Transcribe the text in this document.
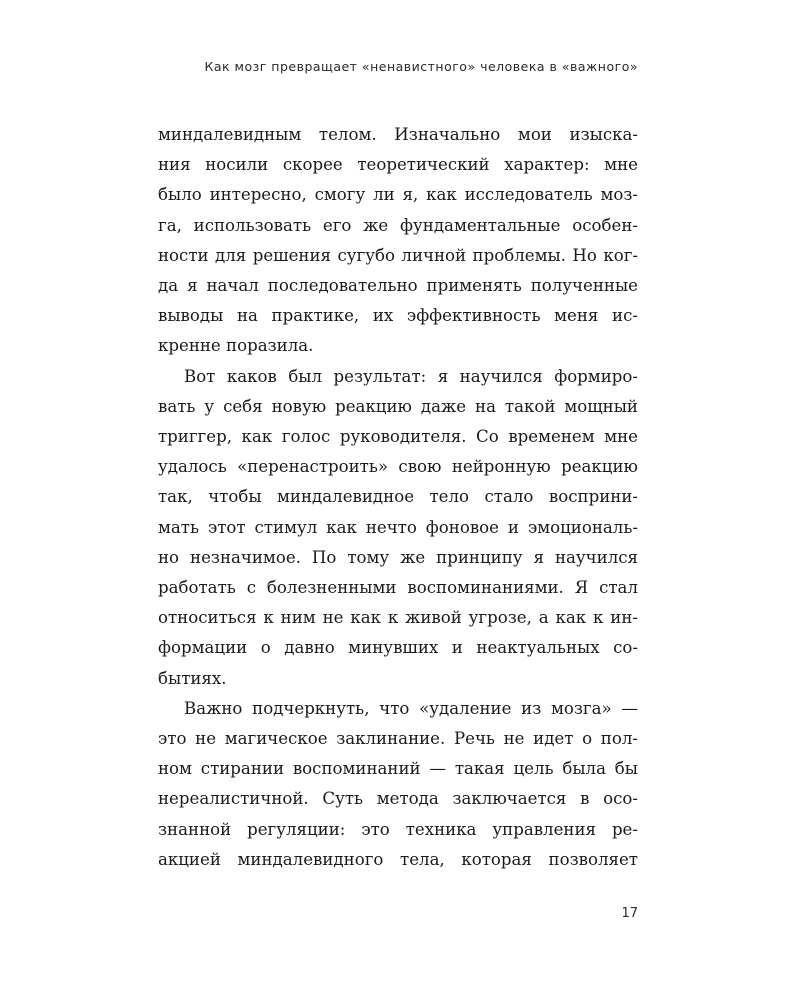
Как мозг превращает «ненавистного» человека в «важного»
миндалевидным телом. Изначально мои изыска-
ния носили скорее теоретический характер: мне
было интересно, смогу ли я, как исследователь моз-
га, использовать его же фундаментальные особен-
ности для решения сугубо личной проблемы. Но ког-
да я начал последовательно применять полученные
выводы на практике, их эффективность меня ис-
кренне поразила.
Вот каков был результат: я научился формиро-
вать у себя новую реакцию даже на такой мощный
триггер, как голос руководителя. Со временем мне
удалось «перенастроить» свою нейронную реакцию
так, чтобы миндалевидное тело стало восприни-
мать этот стимул как нечто фоновое и эмоциональ-
но незначимое. По тому же принципу я научился
работать с болезненными воспоминаниями. Я стал
относиться к ним не как к живой угрозе, а как к ин-
формации о давно минувших и неактуальных со-
бытиях.
Важно подчеркнуть, что «удаление из мозга» —
это не магическое заклинание. Речь не идет о пол-
ном стирании воспоминаний — такая цель была бы
нереалистичной. Суть метода заключается в осо-
знанной регуляции: это техника управления ре-
акцией миндалевидного тела, которая позволяет
17
